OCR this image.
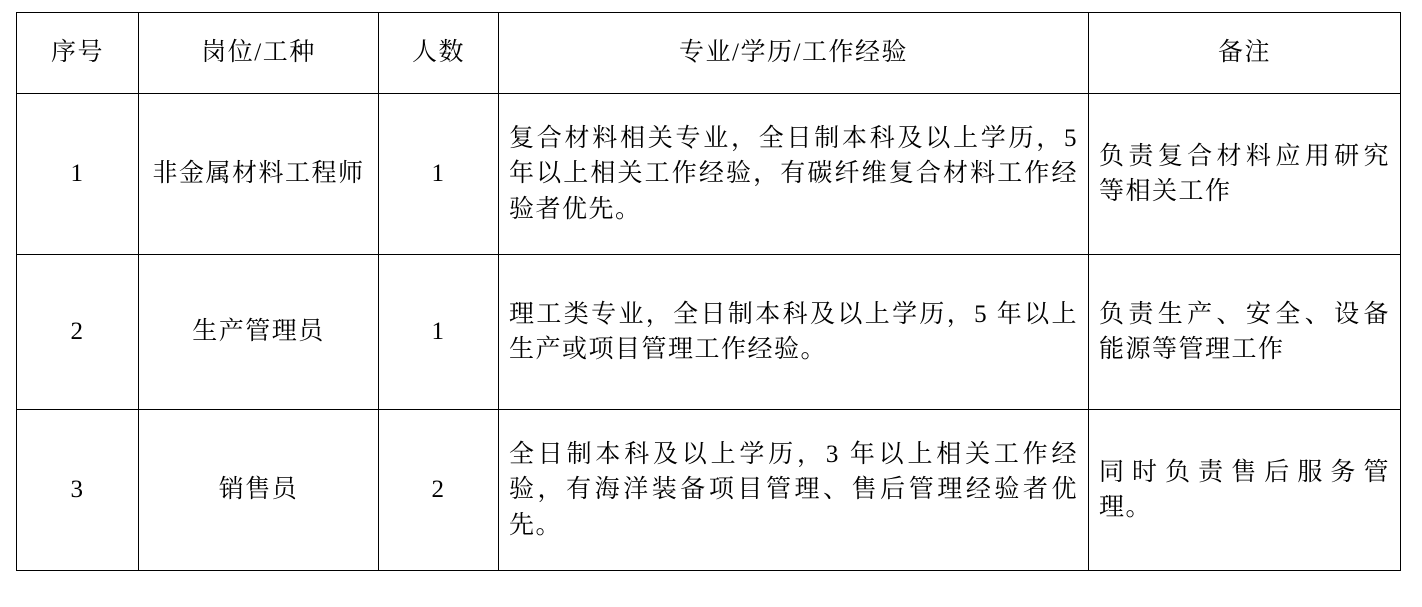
序号	岗位/工种	人数	专业/学历/工作经验	备注
1	非金属材料工程师	1	复合材料相关专业，全日制本科及以上学历，5 年以上相关工作经验，有碳纤维复合材料工作经验者优先。	负责复合材料应用研究等相关工作
2	生产管理员	1	理工类专业，全日制本科及以上学历，5 年以上生产或项目管理工作经验。	负责生产、安全、设备能源等管理工作
3	销售员	2	全日制本科及以上学历，3 年以上相关工作经验，有海洋装备项目管理、售后管理经验者优先。	同时负责售后服务管理。
